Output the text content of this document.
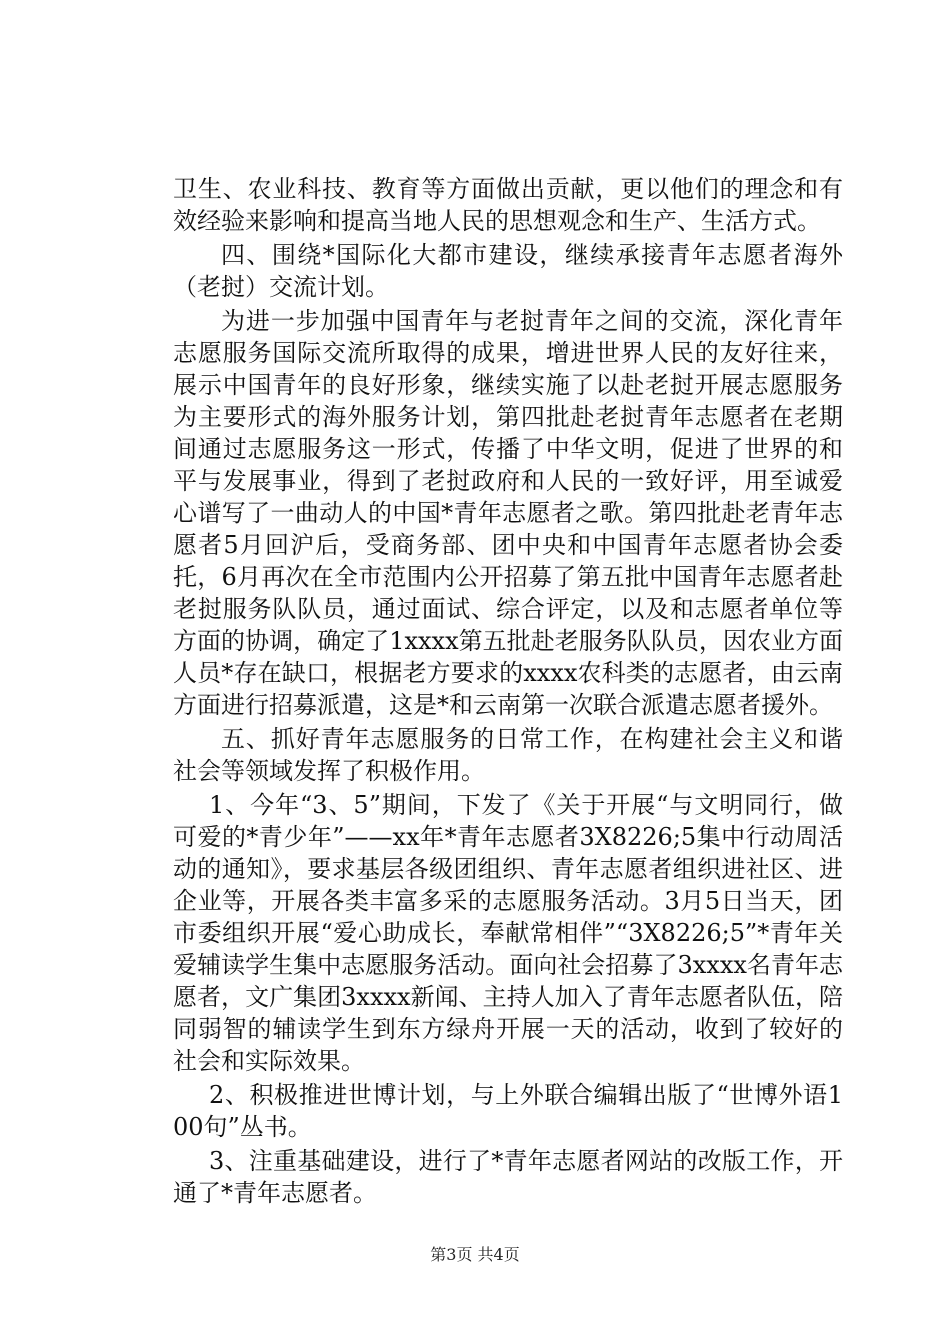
卫生、农业科技、教育等方面做出贡献，更以他们的理念和有效经验来影响和提高当地人民的思想观念和生产、生活方式。

四、围绕*国际化大都市建设，继续承接青年志愿者海外（老挝）交流计划。

为进一步加强中国青年与老挝青年之间的交流，深化青年志愿服务国际交流所取得的成果，增进世界人民的友好往来，展示中国青年的良好形象，继续实施了以赴老挝开展志愿服务为主要形式的海外服务计划，第四批赴老挝青年志愿者在老期间通过志愿服务这一形式，传播了中华文明，促进了世界的和平与发展事业，得到了老挝政府和人民的一致好评，用至诚爱心谱写了一曲动人的中国*青年志愿者之歌。第四批赴老青年志愿者5月回沪后，受商务部、团中央和中国青年志愿者协会委托，6月再次在全市范围内公开招募了第五批中国青年志愿者赴老挝服务队队员，通过面试、综合评定，以及和志愿者单位等方面的协调，确定了1xxxx第五批赴老服务队队员，因农业方面人员*存在缺口，根据老方要求的xxxx农科类的志愿者，由云南方面进行招募派遣，这是*和云南第一次联合派遣志愿者援外。

五、抓好青年志愿服务的日常工作，在构建社会主义和谐社会等领域发挥了积极作用。

1、今年“3、5”期间，下发了《关于开展“与文明同行，做可爱的*青少年”——xx年*青年志愿者3X8226;5集中行动周活动的通知》，要求基层各级团组织、青年志愿者组织进社区、进企业等，开展各类丰富多采的志愿服务活动。3月5日当天，团市委组织开展“爱心助成长，奉献常相伴”“3X8226;5”*青年关爱辅读学生集中志愿服务活动。面向社会招募了3xxxx名青年志愿者，文广集团3xxxx新闻、主持人加入了青年志愿者队伍，陪同弱智的辅读学生到东方绿舟开展一天的活动，收到了较好的社会和实际效果。

2、积极推进世博计划，与上外联合编辑出版了“世博外语100句”丛书。

3、注重基础建设，进行了*青年志愿者网站的改版工作，开通了*青年志愿者。

第3页 共4页
